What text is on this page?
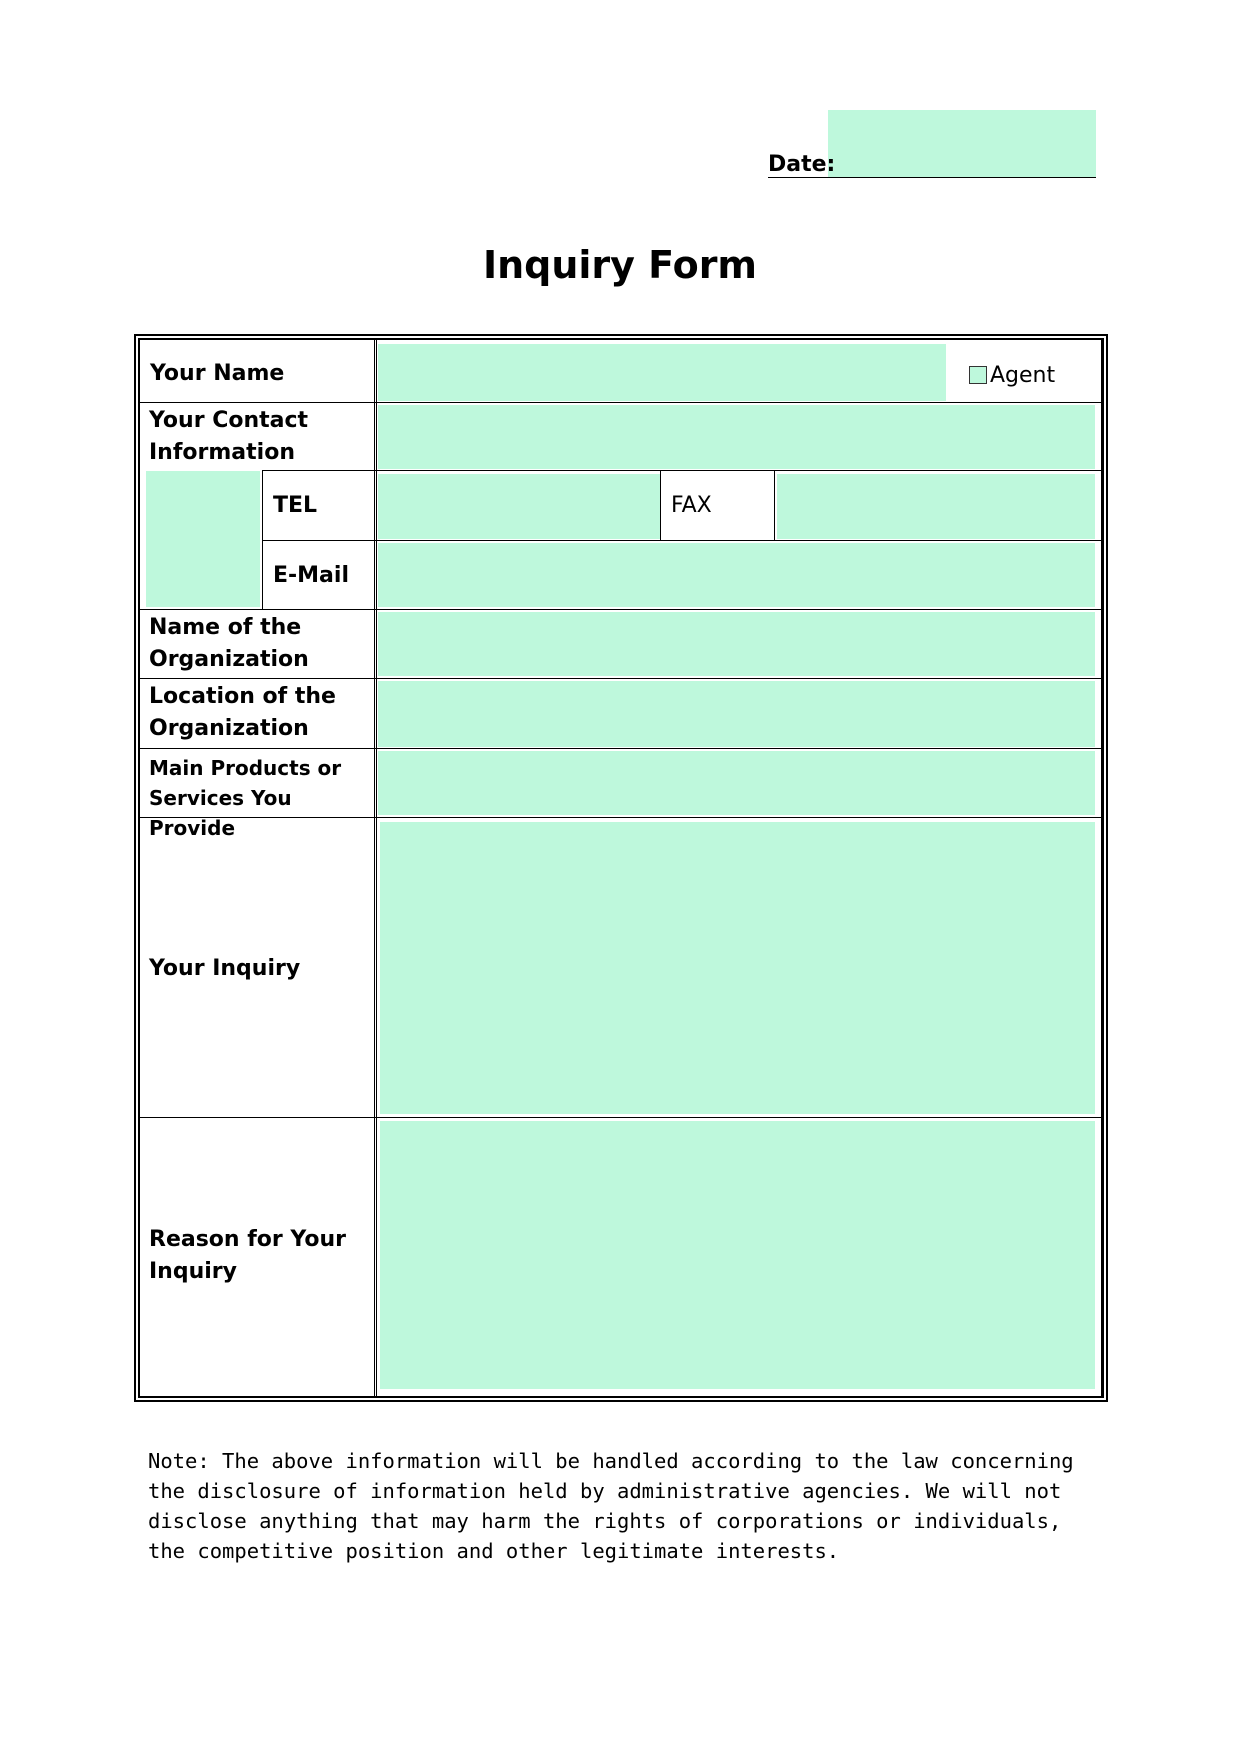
Date:
Inquiry Form
Your Name	Agent
Your Contact Information
TEL	FAX
E-Mail
Name of the Organization
Location of the Organization
Main Products or Services You Provide
Your Inquiry
Reason for Your Inquiry
Note: The above information will be handled according to the law concerning the disclosure of information held by administrative agencies. We will not disclose anything that may harm the rights of corporations or individuals, the competitive position and other legitimate interests.
